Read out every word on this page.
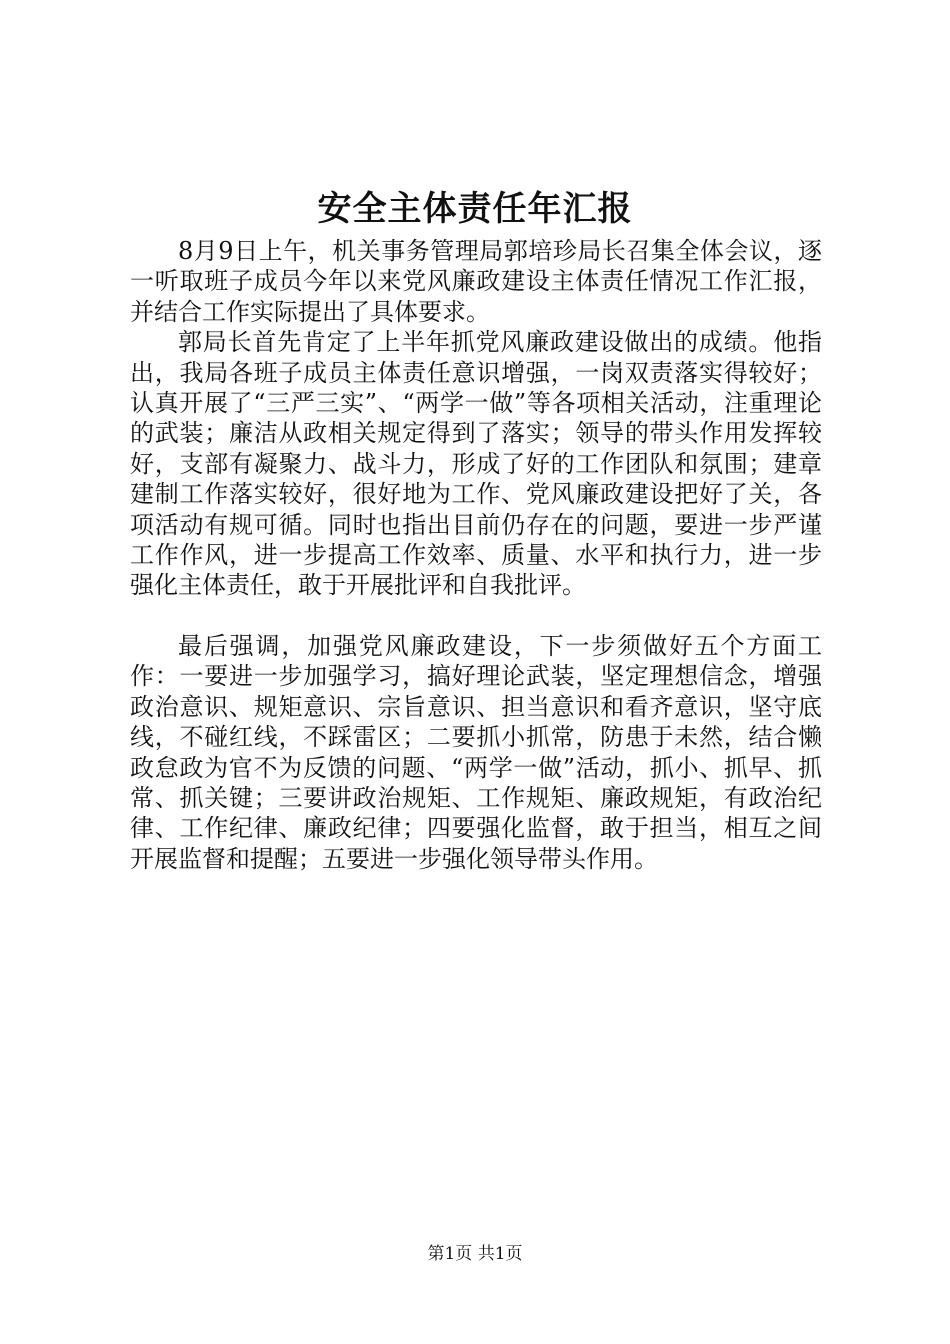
安全主体责任年汇报

8月9日上午，机关事务管理局郭培珍局长召集全体会议，逐一听取班子成员今年以来党风廉政建设主体责任情况工作汇报，并结合工作实际提出了具体要求。

郭局长首先肯定了上半年抓党风廉政建设做出的成绩。他指出，我局各班子成员主体责任意识增强，一岗双责落实得较好；认真开展了“三严三实”、“两学一做”等各项相关活动，注重理论的武装；廉洁从政相关规定得到了落实；领导的带头作用发挥较好，支部有凝聚力、战斗力，形成了好的工作团队和氛围；建章建制工作落实较好，很好地为工作、党风廉政建设把好了关，各项活动有规可循。同时也指出目前仍存在的问题，要进一步严谨工作作风，进一步提高工作效率、质量、水平和执行力，进一步强化主体责任，敢于开展批评和自我批评。

最后强调，加强党风廉政建设，下一步须做好五个方面工作：一要进一步加强学习，搞好理论武装，坚定理想信念，增强政治意识、规矩意识、宗旨意识、担当意识和看齐意识，坚守底线，不碰红线，不踩雷区；二要抓小抓常，防患于未然，结合懒政怠政为官不为反馈的问题、“两学一做”活动，抓小、抓早、抓常、抓关键；三要讲政治规矩、工作规矩、廉政规矩，有政治纪律、工作纪律、廉政纪律；四要强化监督，敢于担当，相互之间开展监督和提醒；五要进一步强化领导带头作用。

第1页 共1页
